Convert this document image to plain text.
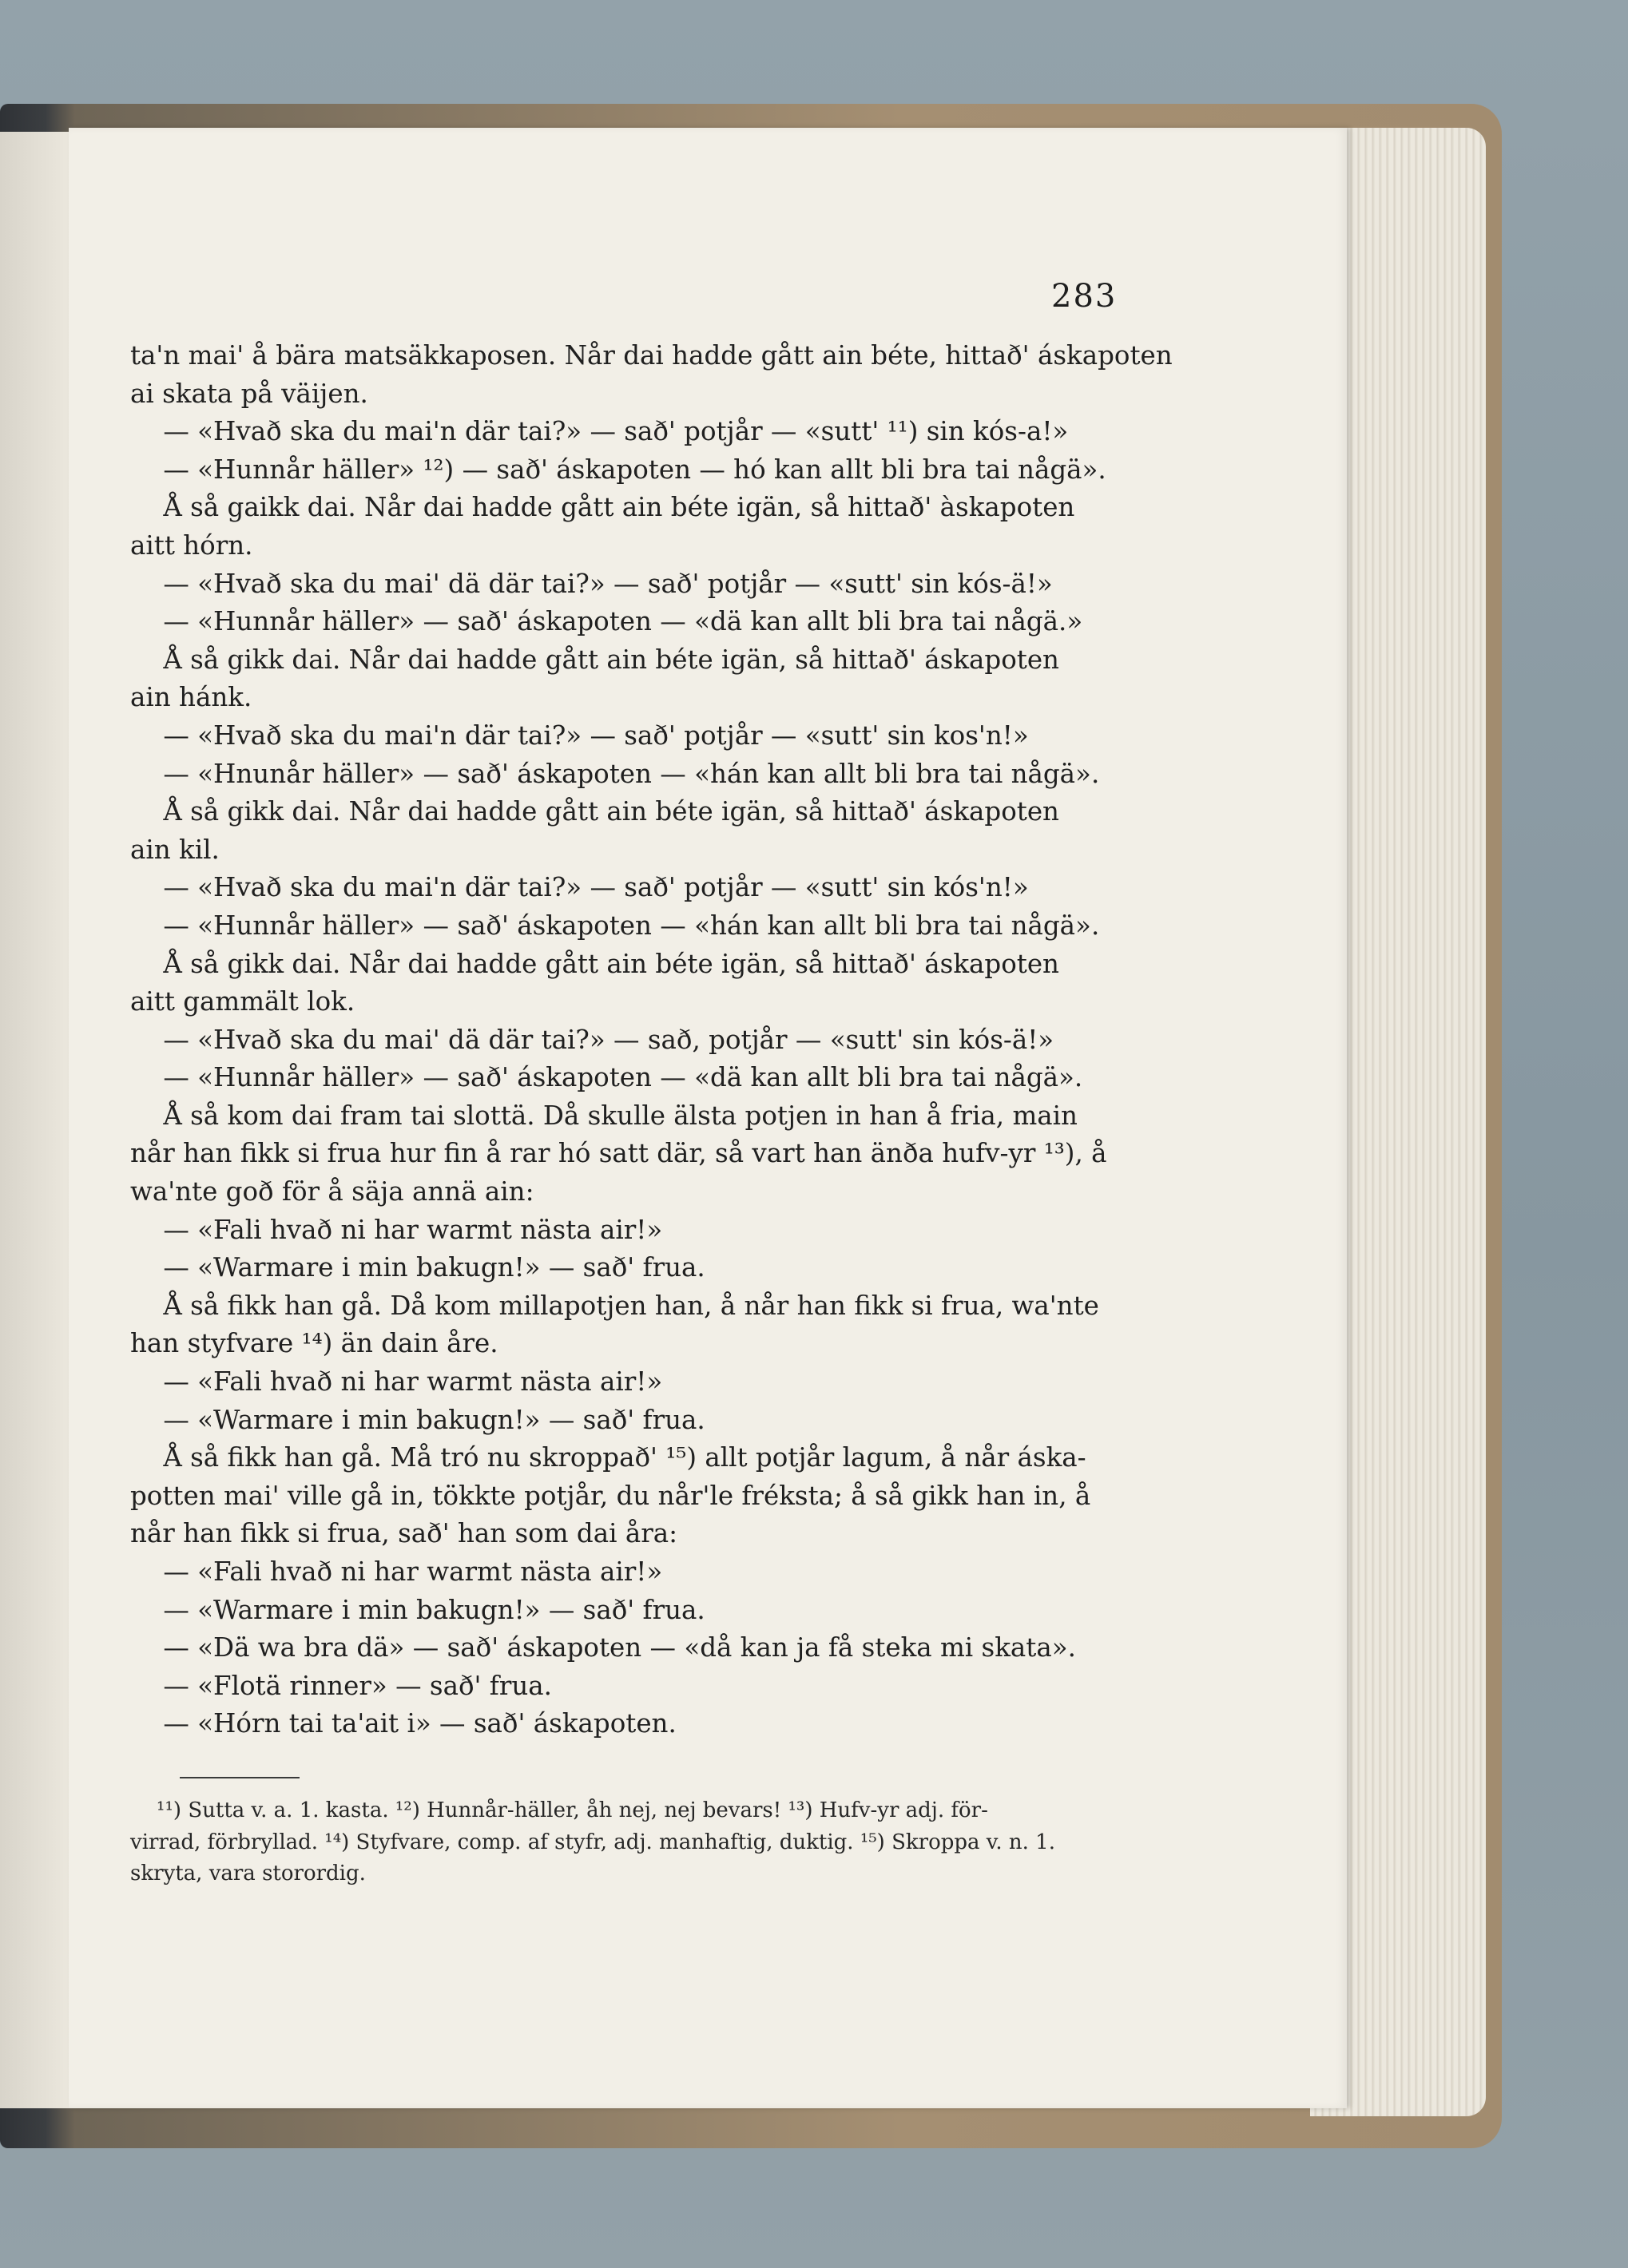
283
ta'n mai' å bära matsäkkaposen. Når dai hadde gått ain béte, hittað' áskapoten
ai skata på väijen.
— «Hvað ska du mai'n där tai?» — sað' potjår — «sutt' ¹¹) sin kós-a!»
— «Hunnår häller» ¹²) — sað' áskapoten — hó kan allt bli bra tai någä».
Å så gaikk dai. Når dai hadde gått ain béte igän, så hittað' àskapoten
aitt hórn.
— «Hvað ska du mai' dä där tai?» — sað' potjår — «sutt' sin kós-ä!»
— «Hunnår häller» — sað' áskapoten — «dä kan allt bli bra tai någä.»
Å så gikk dai. Når dai hadde gått ain béte igän, så hittað' áskapoten
ain hánk.
— «Hvað ska du mai'n där tai?» — sað' potjår — «sutt' sin kos'n!»
— «Hnunår häller» — sað' áskapoten — «hán kan allt bli bra tai någä».
Å så gikk dai. Når dai hadde gått ain béte igän, så hittað' áskapoten
ain kil.
— «Hvað ska du mai'n där tai?» — sað' potjår — «sutt' sin kós'n!»
— «Hunnår häller» — sað' áskapoten — «hán kan allt bli bra tai någä».
Å så gikk dai. Når dai hadde gått ain béte igän, så hittað' áskapoten
aitt gammält lok.
— «Hvað ska du mai' dä där tai?» — sað, potjår — «sutt' sin kós-ä!»
— «Hunnår häller» — sað' áskapoten — «dä kan allt bli bra tai någä».
Å så kom dai fram tai slottä. Då skulle älsta potjen in han å fria, main
når han fikk si frua hur fin å rar hó satt där, så vart han änða hufv-yr ¹³), å
wa'nte goð för å säja annä ain:
— «Fali hvað ni har warmt nästa air!»
— «Warmare i min bakugn!» — sað' frua.
Å så fikk han gå. Då kom millapotjen han, å når han fikk si frua, wa'nte
han styfvare ¹⁴) än dain åre.
— «Fali hvað ni har warmt nästa air!»
— «Warmare i min bakugn!» — sað' frua.
Å så fikk han gå. Må tró nu skroppað' ¹⁵) allt potjår lagum, å når áska-
potten mai' ville gå in, tökkte potjår, du når'le fréksta; å så gikk han in, å
når han fikk si frua, sað' han som dai åra:
— «Fali hvað ni har warmt nästa air!»
— «Warmare i min bakugn!» — sað' frua.
— «Dä wa bra dä» — sað' áskapoten — «då kan ja få steka mi skata».
— «Flotä rinner» — sað' frua.
— «Hórn tai ta'ait i» — sað' áskapoten.
¹¹) Sutta v. a. 1. kasta. ¹²) Hunnår-häller, åh nej, nej bevars! ¹³) Hufv-yr adj. för-
virrad, förbryllad. ¹⁴) Styfvare, comp. af styfr, adj. manhaftig, duktig. ¹⁵) Skroppa v. n. 1.
skryta, vara storordig.
